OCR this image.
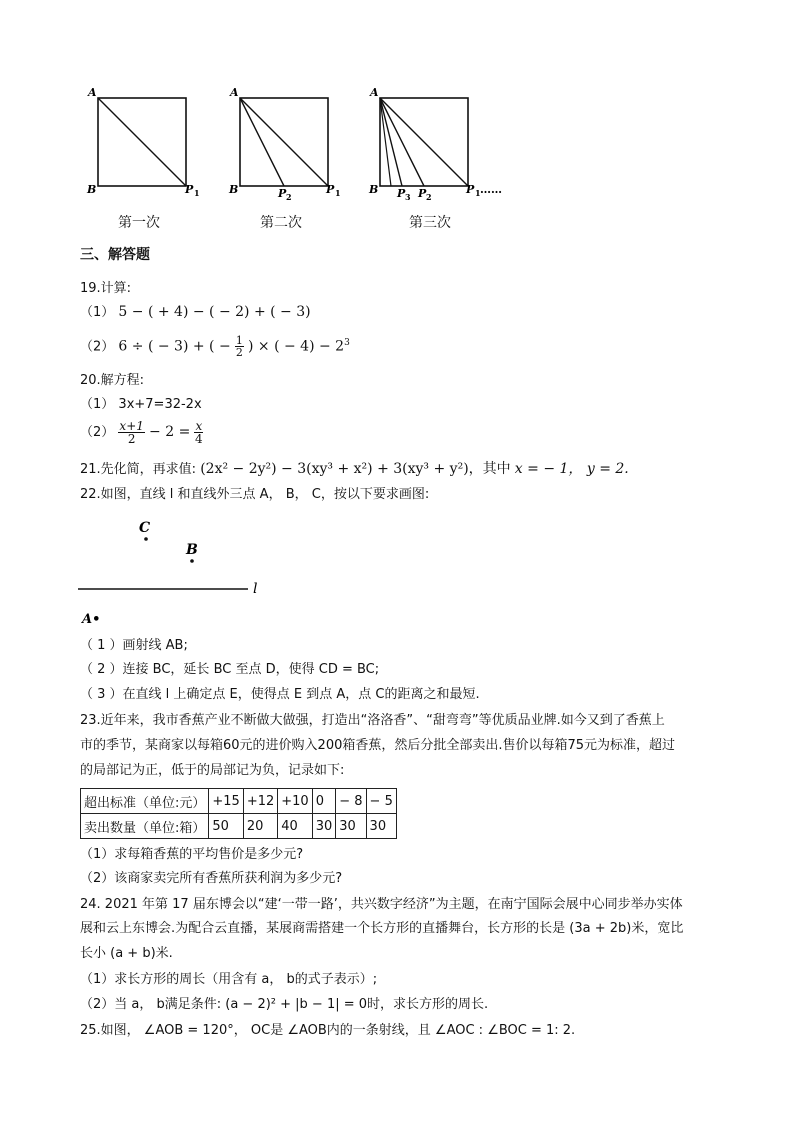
A
B	P 1
A
B	P 2
P 1
A
B P 3 P 2
P 1 ……
第一次	第二次	第三次
三、解答题
19.计算:
（1） 5 − ( + 4) − ( − 2) + ( − 3)
（2） 6 ÷ ( − 3) + ( − $\frac{1}{2}$ ) × ( − $4) - 2^3$
20.解方程:
（1） 3x+7=32-2x
$(2) \frac{x+1}{2} - 2 = \frac{x}{4}$
21.先化简，再求值: (2x² − 2y²) − 3(xy³ + x²) + 3(xy³ + y²)，其中 x = − 1， y = 2.
22.如图，直线 l 和直线外三点 A， B， C，按以下要求画图:
C
B
l
A•
（ 1 ）画射线 AB;
（ 2 ）连接 BC，延长 BC 至点 D，使得 CD = BC;
（ 3 ）在直线 l 上确定点 E，使得点 E 到点 A，点 C的距离之和最短.
23.近年来，我市香蕉产业不断做大做强，打造出“洛洛香”、“甜弯弯”等优质品业牌.如今又到了香蕉上
市的季节，某商家以每箱60元的进价购入200箱香蕉，然后分批全部卖出.售价以每箱75元为标准，超过
的局部记为正，低于的局部记为负，记录如下:
超出标准（单位:元）	+15	+12	+10	0	− 8	− 5
卖出数量（单位:箱）	50	20	40	30	30	30
（1）求每箱香蕉的平均售价是多少元?
（2）该商家卖完所有香蕉所获利润为多少元?
24. 2021 年第 17 届东博会以“建‘一带一路’，共兴数字经济”为主题，在南宁国际会展中心同步举办实体
展和云上东博会.为配合云直播，某展商需搭建一个长方形的直播舞台，长方形的长是 (3a + 2b)米，宽比
长小 (a + b)米.
（1）求长方形的周长（用含有 a， b的式子表示）;
（2）当 a， b满足条件: (a − 2)² + |b − 1| = 0时，求长方形的周长.
25.如图， ∠AOB = 120°， OC是 ∠AOB内的一条射线，且 ∠AOC : ∠BOC = 1: 2.
